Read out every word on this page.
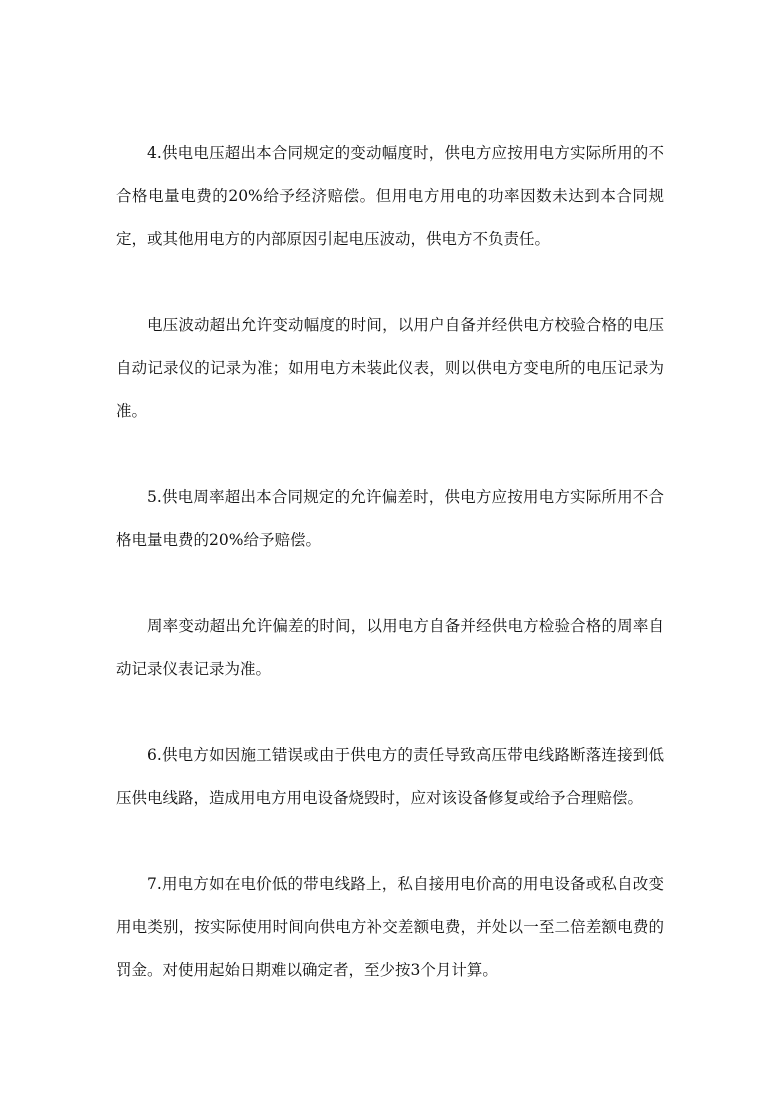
4.供电电压超出本合同规定的变动幅度时，供电方应按用电方实际所用的不合格电量电费的20%给予经济赔偿。但用电方用电的功率因数未达到本合同规定，或其他用电方的内部原因引起电压波动，供电方不负责任。

电压波动超出允许变动幅度的时间，以用户自备并经供电方校验合格的电压自动记录仪的记录为准；如用电方未装此仪表，则以供电方变电所的电压记录为准。

5.供电周率超出本合同规定的允许偏差时，供电方应按用电方实际所用不合格电量电费的20%给予赔偿。

周率变动超出允许偏差的时间，以用电方自备并经供电方检验合格的周率自动记录仪表记录为准。

6.供电方如因施工错误或由于供电方的责任导致高压带电线路断落连接到低压供电线路，造成用电方用电设备烧毁时，应对该设备修复或给予合理赔偿。

7.用电方如在电价低的带电线路上，私自接用电价高的用电设备或私自改变用电类别，按实际使用时间向供电方补交差额电费，并处以一至二倍差额电费的罚金。对使用起始日期难以确定者，至少按3个月计算。
